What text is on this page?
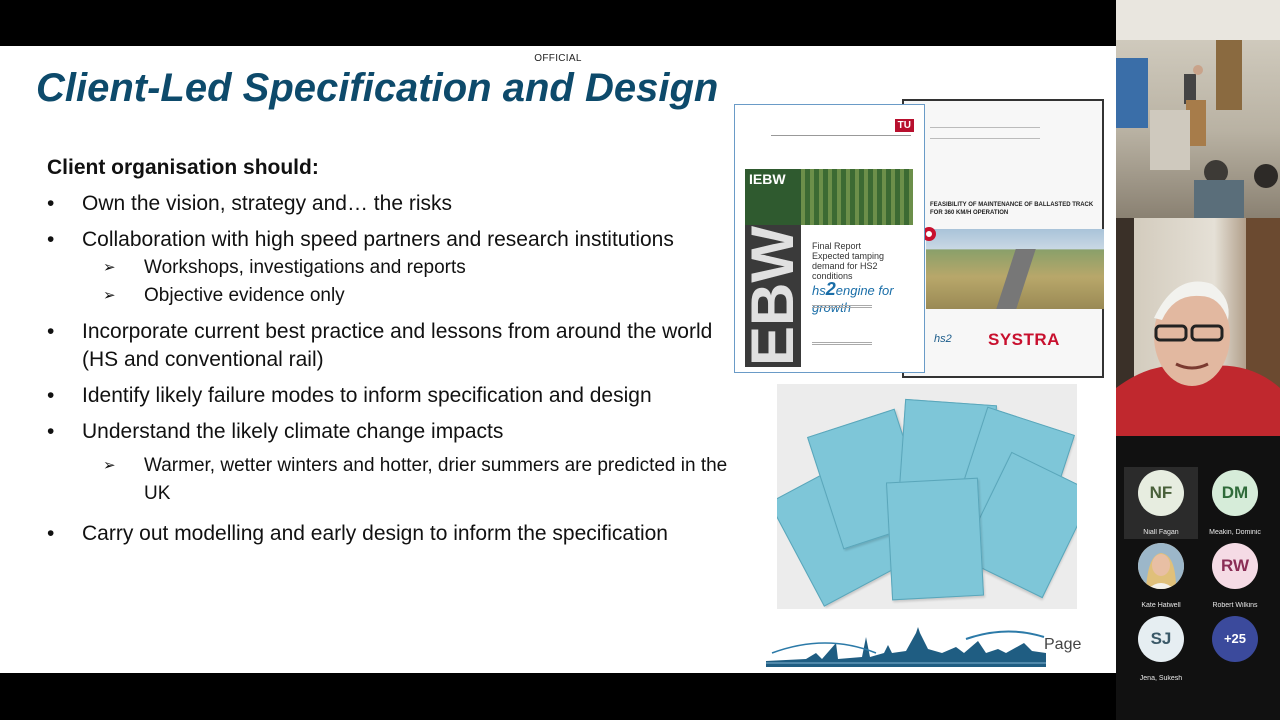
OFFICIAL
Client-Led Specification and Design
Client organisation should:
• Own the vision, strategy and… the risks
• Collaboration with high speed partners and research institutions
➢ Workshops, investigations and reports
➢ Objective evidence only
• Incorporate current best practice and lessons from around the world (HS and conventional rail)
• Identify likely failure modes to inform specification and design
• Understand the likely climate change impacts
➢ Warmer, wetter winters and hotter, drier summers are predicted in the UK
• Carry out modelling and early design to inform the specification
FEASIBILITY OF MAINTENANCE OF BALLASTED TRACK FOR 360 KM/H OPERATION
hs2 SYSTRA
TU
IEBW
EBW Final Report
Expected tamping demand for HS2 conditions
hs2engine for growth
Page
NF
Niall Fagan
DM
Meakin, Dominic
Kate Hatwell
RW
Robert Wilkins
SJ
Jena, Sukesh
+25
